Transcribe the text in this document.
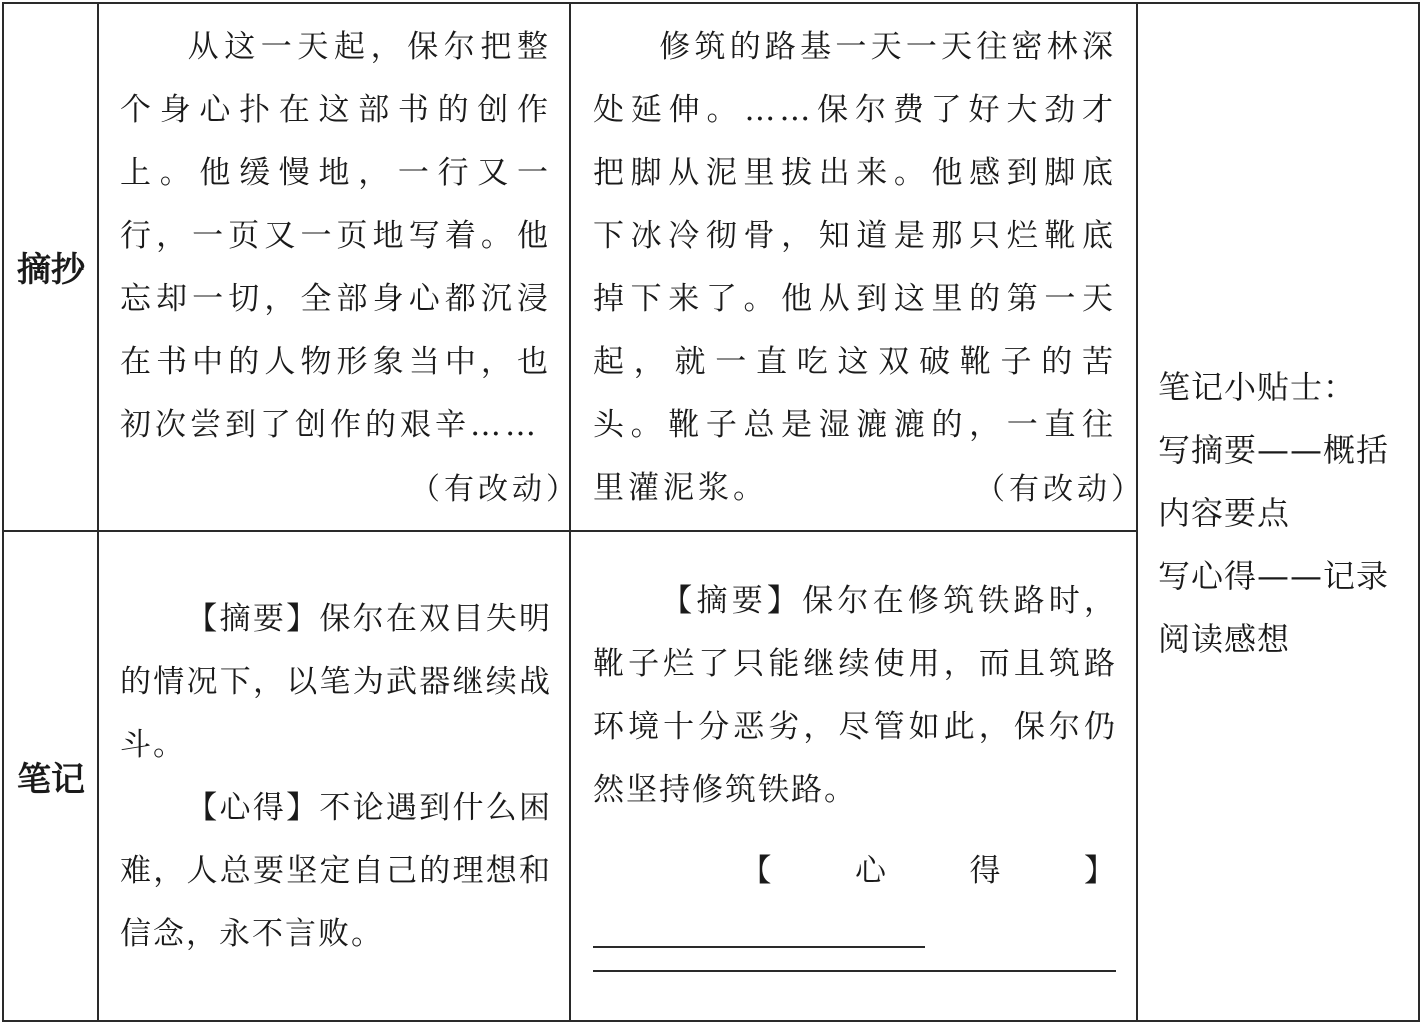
摘抄
笔记

从这一天起，保尔把整个身心扑在这部书的创作上。他缓慢地，一行又一行，一页又一页地写着。他忘却一切，全部身心都沉浸在书中的人物形象当中，也初次尝到了创作的艰辛……

（有改动）

修筑的路基一天一天往密林深处延伸。……保尔费了好大劲才把脚从泥里拔出来。他感到脚底下冰冷彻骨，知道是那只烂靴底掉下来了。他从到这里的第一天起，就一直吃这双破靴子的苦头。靴子总是湿漉漉的，一直往里灌泥浆。	（有改动）

【摘要】保尔在双目失明的情况下，以笔为武器继续战斗。

【心得】不论遇到什么困难，人总要坚定自己的理想和信念，永不言败。

【摘要】保尔在修筑铁路时，靴子烂了只能继续使用，而且筑路环境十分恶劣，尽管如此，保尔仍然坚持修筑铁路。

【心得】

笔记小贴士：
写摘要——概括
内容要点
写心得——记录
阅读感想
